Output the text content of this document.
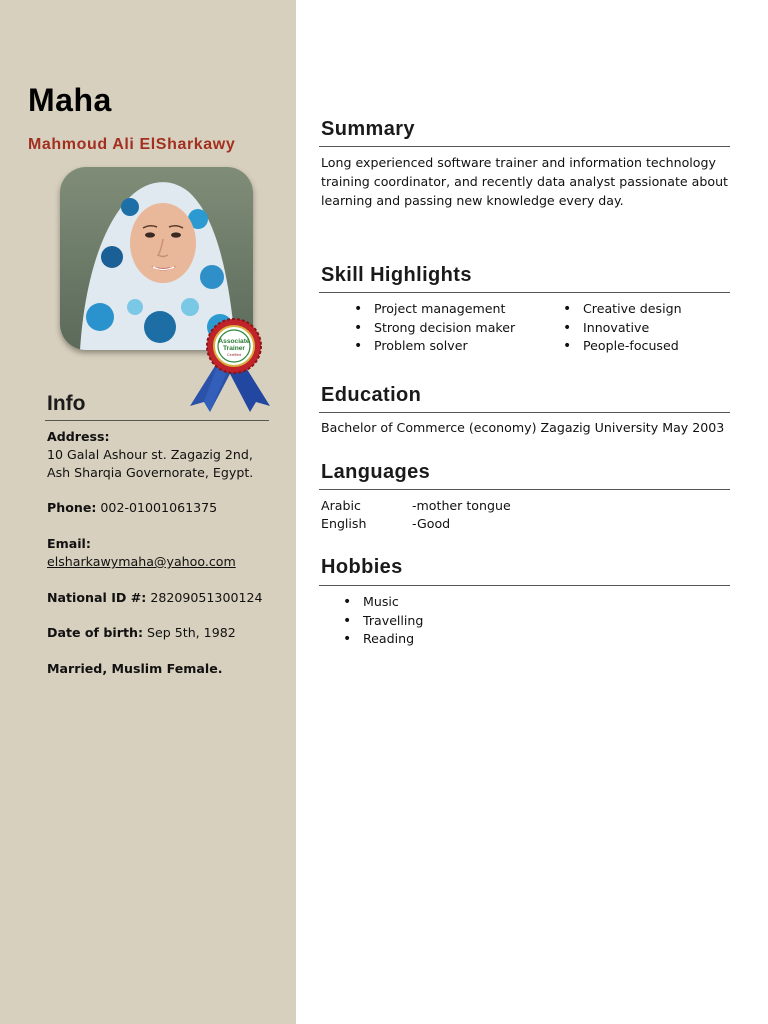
Maha
Mahmoud Ali ElSharkawy
Associate
Trainer
Certified
Info
Address:
10 Galal Ashour st. Zagazig 2nd,
Ash Sharqia Governorate, Egypt.
Phone: 002-01001061375
Email:
elsharkawymaha@yahoo.com
National ID #: 28209051300124
Date of birth: Sep 5th, 1982
Married, Muslim Female.
Summary

Long experienced software trainer and information technology training coordinator, and recently data analyst passionate about learning and passing new knowledge every day.

Skill Highlights
• Project management
• Strong decision maker
• Problem solver
• Creative design
• Innovative
• People-focused
Education

Bachelor of Commerce (economy) Zagazig University May 2003

Languages
Arabic	-mother tongue
English	-Good
Hobbies
• Music
• Travelling
• Reading
